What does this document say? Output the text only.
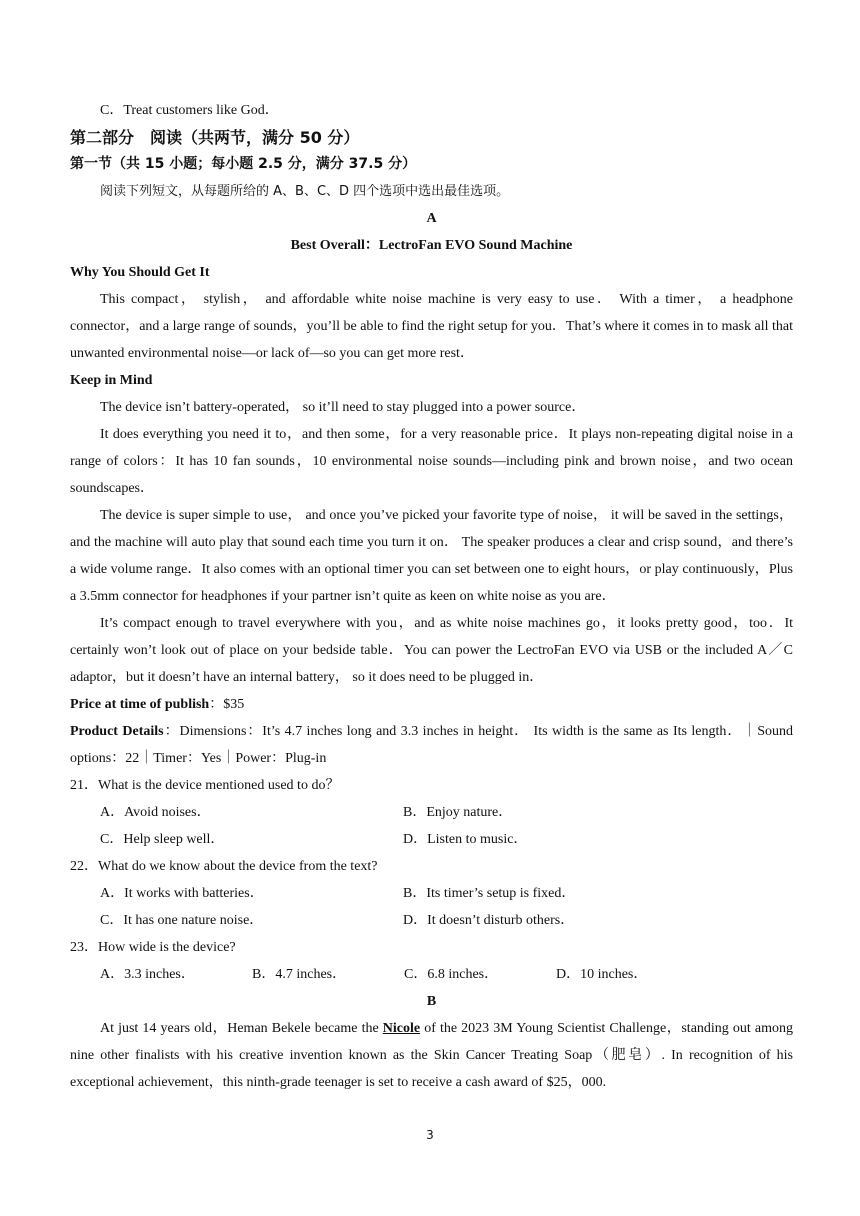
C．Treat customers like God．
第二部分　阅读（共两节，满分 50 分）
第一节（共 15 小题；每小题 2.5 分，满分 37.5 分）
阅读下列短文，从每题所给的 A、B、C、D 四个选项中选出最佳选项。
A
Best Overall：LectroFan EVO Sound Machine
Why You Should Get It
This compact， stylish， and affordable white noise machine is very easy to use． With a timer， a headphone connector，and a large range of sounds，you’ll be able to find the right setup for you．That’s where it comes in to mask all that unwanted environmental noise—or lack of—so you can get more rest．
Keep in Mind
The device isn’t battery-operated， so it’ll need to stay plugged into a power source．
It does everything you need it to，and then some，for a very reasonable price．It plays non-repeating digital noise in a range of colors：It has 10 fan sounds，10 environmental noise sounds—including pink and brown noise，and two ocean soundscapes．
The device is super simple to use， and once you’ve picked your favorite type of noise， it will be saved in the settings， and the machine will auto play that sound each time you turn it on． The speaker produces a clear and crisp sound，and there’s a wide volume range．It also comes with an optional timer you can set between one to eight hours，or play continuously，Plus a 3.5mm connector for headphones if your partner isn’t quite as keen on white noise as you are．
It’s compact enough to travel everywhere with you，and as white noise machines go，it looks pretty good，too．It certainly won’t look out of place on your bedside table．You can power the LectroFan EVO via USB or the included A／C adaptor，but it doesn’t have an internal battery， so it does need to be plugged in．
Price at time of publish：$35
Product Details：Dimensions：It’s 4.7 inches long and 3.3 inches in height． Its width is the same as Its length．｜Sound options：22｜Timer：Yes｜Power：Plug-in
21．What is the device mentioned used to do？
A．Avoid noises．	B．Enjoy nature．
C．Help sleep well．	D．Listen to music．
22．What do we know about the device from the text?
A．It works with batteries．	B．Its timer’s setup is fixed．
C．It has one nature noise．	D．It doesn’t disturb others．
23．How wide is the device?
A．3.3 inches．	B．4.7 inches．	C．6.8 inches．	D．10 inches．
B
At just 14 years old，Heman Bekele became the Nicole of the 2023 3M Young Scientist Challenge，standing out among nine other finalists with his creative invention known as the Skin Cancer Treating Soap（肥皂）. In recognition of his exceptional achievement，this ninth-grade teenager is set to receive a cash award of $25，000.
3
